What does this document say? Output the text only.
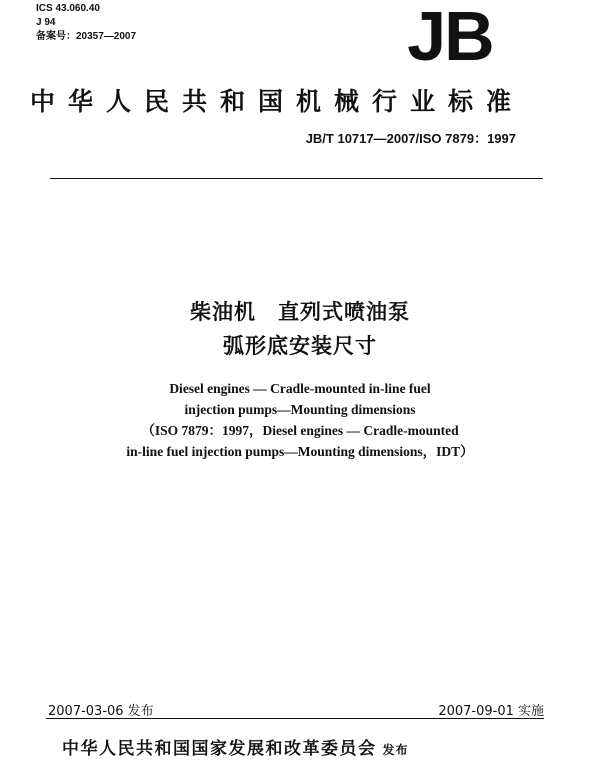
ICS 43.060.40
J 94
备案号：20357—2007	JB
中华人民共和国机械行业标准
JB/T 10717—2007/ISO 7879：1997
柴油机　直列式喷油泵
弧形底安装尺寸
Diesel engines — Cradle-mounted in-line fuel
injection pumps—Mounting dimensions
（ISO 7879：1997，Diesel engines — Cradle-mounted
in-line fuel injection pumps—Mounting dimensions，IDT）
2007-03-06 发布	2007-09-01 实施
中华人民共和国国家发展和改革委员会 发布
